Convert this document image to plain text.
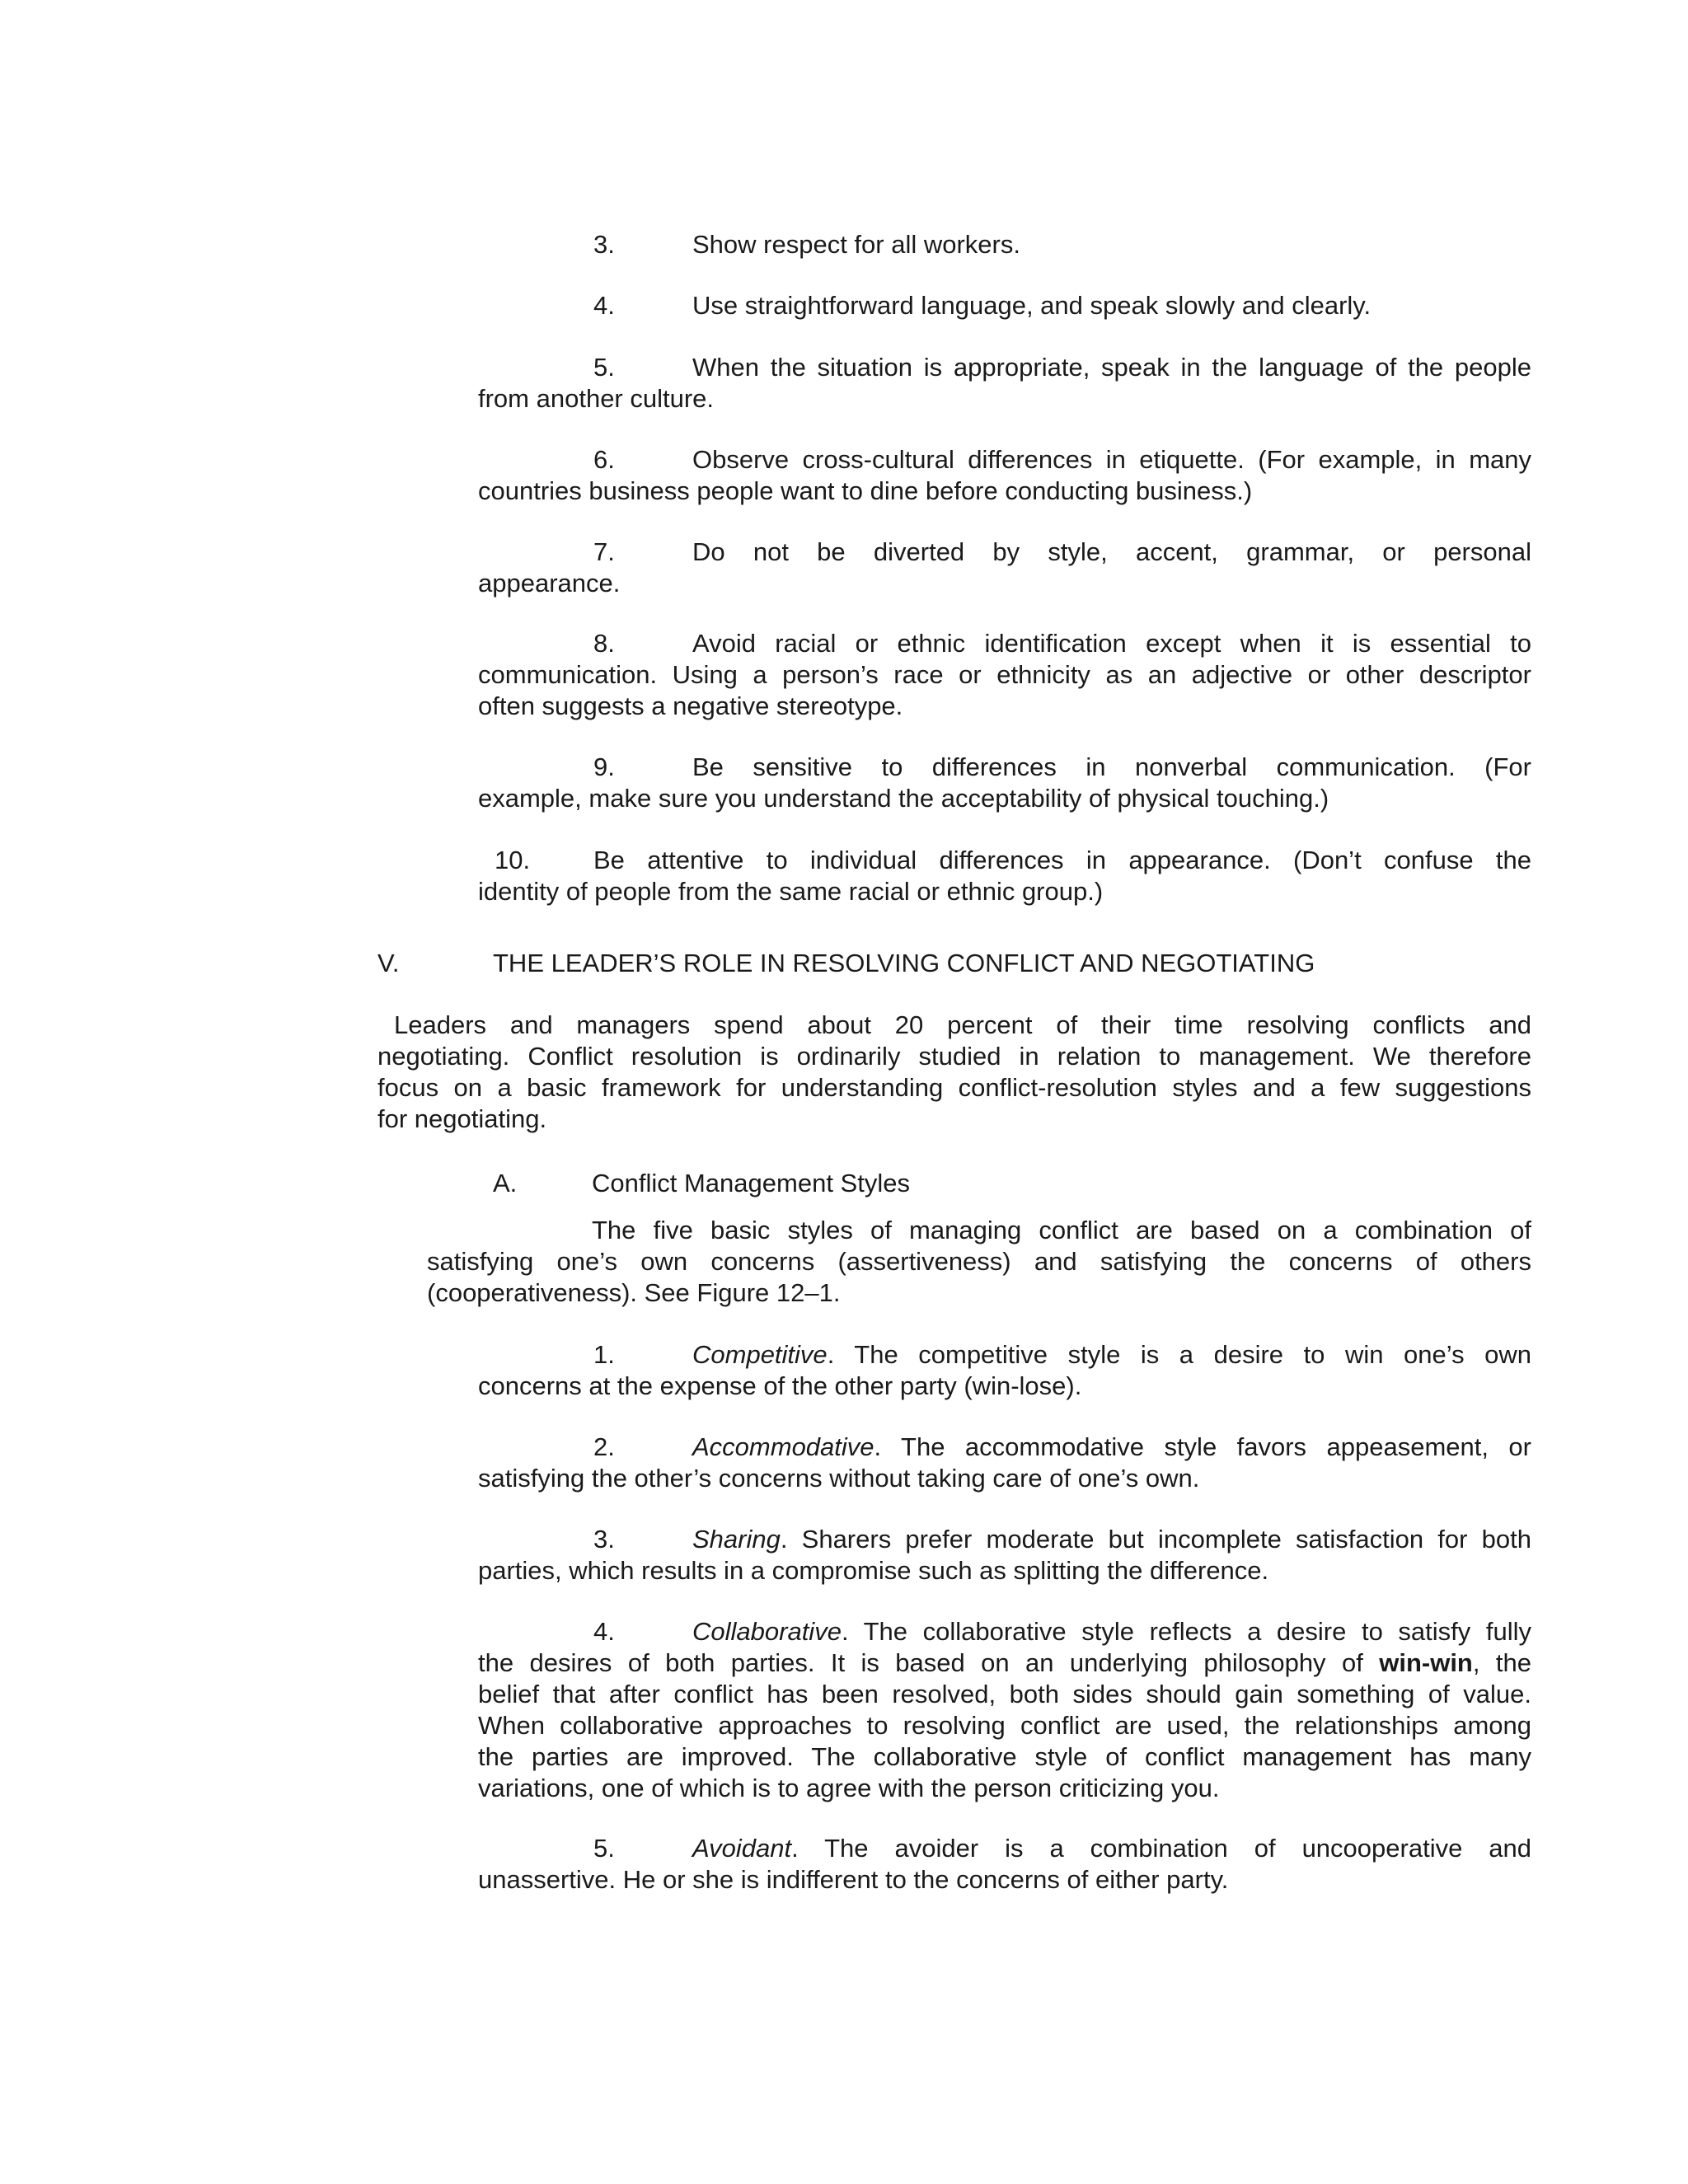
3.	Show respect for all workers.
4.	Use straightforward language, and speak slowly and clearly.
5.	When the situation is appropriate, speak in the language of the people
from another culture.
6.	Observe cross-cultural differences in etiquette. (For example, in many
countries business people want to dine before conducting business.)
7.	Do not be diverted by style, accent, grammar, or personal
appearance.
8.	Avoid racial or ethnic identification except when it is essential to
communication. Using a person’s race or ethnicity as an adjective or other descriptor
often suggests a negative stereotype.
9.	Be sensitive to differences in nonverbal communication. (For
example, make sure you understand the acceptability of physical touching.)
10.	Be attentive to individual differences in appearance. (Don’t confuse the
identity of people from the same racial or ethnic group.)
V.	THE LEADER’S ROLE IN RESOLVING CONFLICT AND NEGOTIATING
Leaders and managers spend about 20 percent of their time resolving conflicts and
negotiating. Conflict resolution is ordinarily studied in relation to management. We therefore
focus on a basic framework for understanding conflict-resolution styles and a few suggestions
for negotiating.
A.	Conflict Management Styles
The five basic styles of managing conflict are based on a combination of
satisfying one’s own concerns (assertiveness) and satisfying the concerns of others
(cooperativeness). See Figure 12–1.
1.	Competitive. The competitive style is a desire to win one’s own
concerns at the expense of the other party (win-lose).
2.	Accommodative. The accommodative style favors appeasement, or
satisfying the other’s concerns without taking care of one’s own.
3.	Sharing. Sharers prefer moderate but incomplete satisfaction for both
parties, which results in a compromise such as splitting the difference.
4.	Collaborative. The collaborative style reflects a desire to satisfy fully
the desires of both parties. It is based on an underlying philosophy of win-win, the
belief that after conflict has been resolved, both sides should gain something of value.
When collaborative approaches to resolving conflict are used, the relationships among
the parties are improved. The collaborative style of conflict management has many
variations, one of which is to agree with the person criticizing you.
5.	Avoidant. The avoider is a combination of uncooperative and
unassertive. He or she is indifferent to the concerns of either party.
